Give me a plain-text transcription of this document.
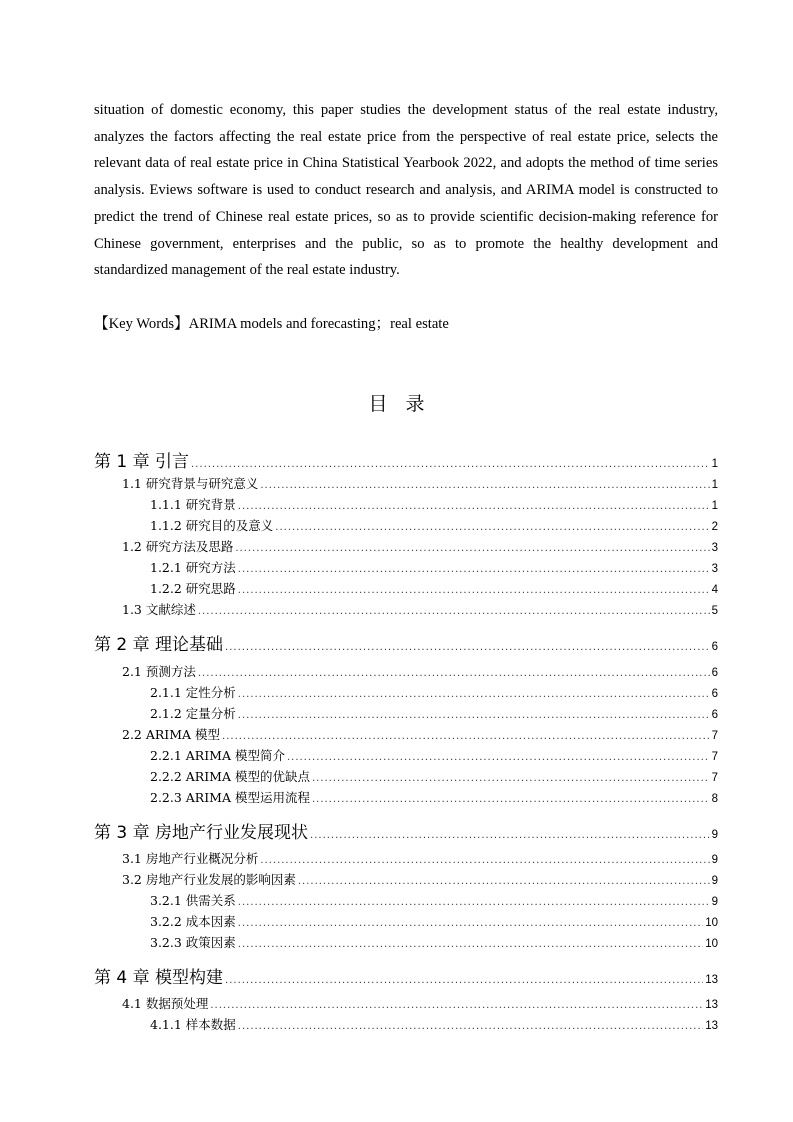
situation of domestic economy, this paper studies the development status of the real estate industry, analyzes the factors affecting the real estate price from the perspective of real estate price, selects the relevant data of real estate price in China Statistical Yearbook 2022, and adopts the method of time series analysis. Eviews software is used to conduct research and analysis, and ARIMA model is constructed to predict the trend of Chinese real estate prices, so as to provide scientific decision-making reference for Chinese government, enterprises and the public, so as to promote the healthy development and standardized management of the real estate industry.

【Key Words】ARIMA models and forecasting；real estate
目录
第 1 章 引言 .....	1
1.1 研究背景与研究意义 .....	1
1.1.1 研究背景 .....	1
1.1.2 研究目的及意义 .....	2
1.2 研究方法及思路 .....	3
1.2.1 研究方法 .....	3
1.2.2 研究思路 .....	4
1.3 文献综述 .....	5
第 2 章 理论基础 .....	6
2.1 预测方法 .....	6
2.1.1 定性分析 .....	6
2.1.2 定量分析 .....	6
2.2 ARIMA 模型 .....	7
2.2.1 ARIMA 模型简介 .....	7
2.2.2 ARIMA 模型的优缺点 .....	7
2.2.3 ARIMA 模型运用流程 .....	8
第 3 章 房地产行业发展现状 .....	9
3.1 房地产行业概况分析 .....	9
3.2 房地产行业发展的影响因素 .....	9
3.2.1 供需关系 .....	9
3.2.2 成本因素 .....	10
3.2.3 政策因素 .....	10
第 4 章 模型构建 .....	13
4.1 数据预处理 .....	13
4.1.1 样本数据 .....	13
